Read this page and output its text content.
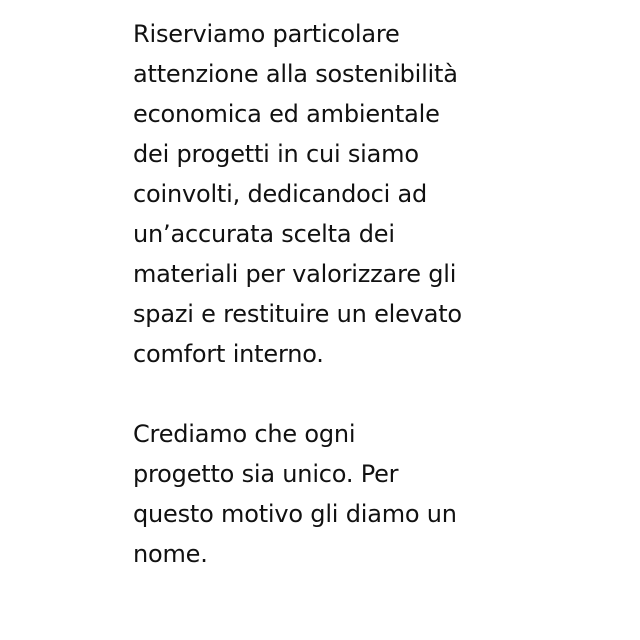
Riserviamo particolare
attenzione alla sostenibilità
economica ed ambientale
dei progetti in cui siamo
coinvolti, dedicandoci ad
un’accurata scelta dei
materiali per valorizzare gli
spazi e restituire un elevato
comfort interno.

Crediamo che ogni
progetto sia unico. Per
questo motivo gli diamo un
nome.
